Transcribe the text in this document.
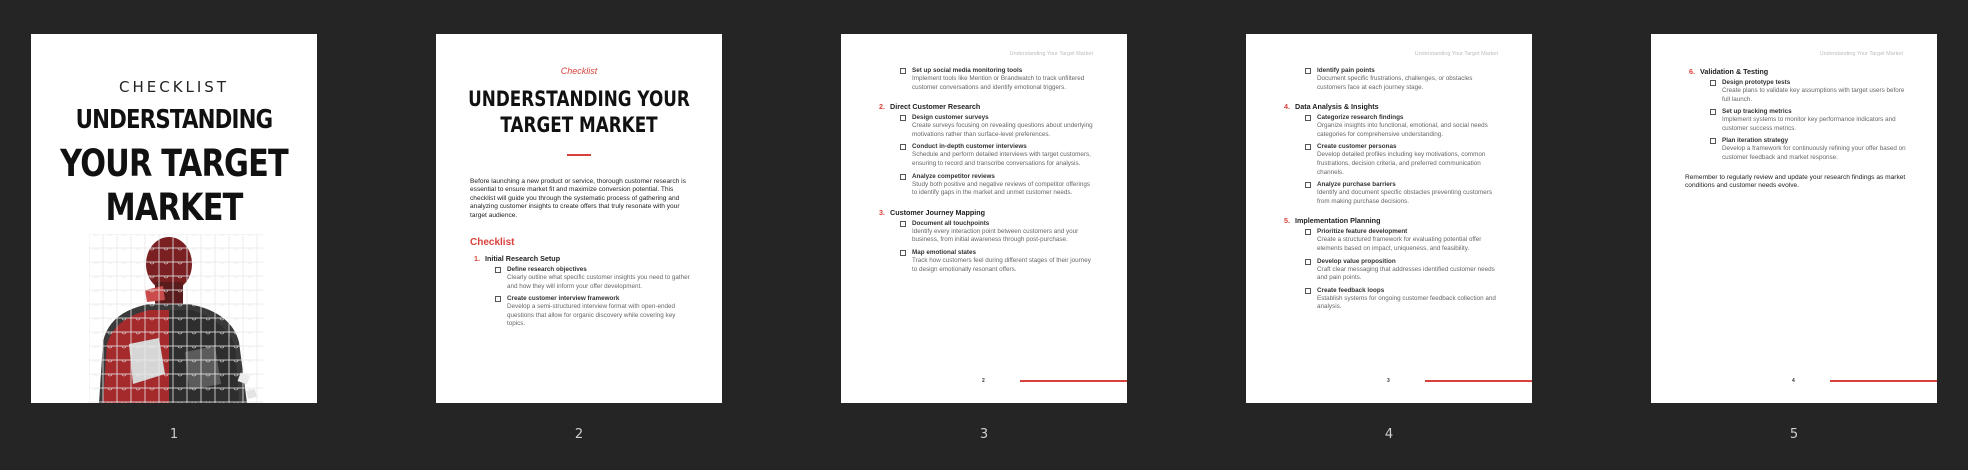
CHECKLIST
UNDERSTANDING
YOUR TARGET
MARKET
1
Checklist
UNDERSTANDING YOUR TARGET MARKET
Before launching a new product or service, thorough customer research is essential to ensure market fit and maximize conversion potential. This checklist will guide you through the systematic process of gathering and analyzing customer insights to create offers that truly resonate with your target audience.
Checklist
1. Initial Research Setup
Define research objectives
Clearly outline what specific customer insights you need to gather and how they will inform your offer development.
Create customer interview framework
Develop a semi-structured interview format with open-ended questions that allow for organic discovery while covering key topics.
2
Understanding Your Target Market
Set up social media monitoring tools
Implement tools like Mention or Brandwatch to track unfiltered customer conversations and identify emotional triggers.
2. Direct Customer Research
Design customer surveys
Create surveys focusing on revealing questions about underlying motivations rather than surface-level preferences.
Conduct in-depth customer interviews
Schedule and perform detailed interviews with target customers, ensuring to record and transcribe conversations for analysis.
Analyze competitor reviews
Study both positive and negative reviews of competitor offerings to identify gaps in the market and unmet customer needs.
3. Customer Journey Mapping
Document all touchpoints
Identify every interaction point between customers and your business, from initial awareness through post-purchase.
Map emotional states
Track how customers feel during different stages of their journey to design emotionally resonant offers.
2
3
Understanding Your Target Market
Identify pain points
Document specific frustrations, challenges, or obstacles customers face at each journey stage.
4. Data Analysis & Insights
Categorize research findings
Organize insights into functional, emotional, and social needs categories for comprehensive understanding.
Create customer personas
Develop detailed profiles including key motivations, common frustrations, decision criteria, and preferred communication channels.
Analyze purchase barriers
Identify and document specific obstacles preventing customers from making purchase decisions.
5. Implementation Planning
Prioritize feature development
Create a structured framework for evaluating potential offer elements based on impact, uniqueness, and feasibility.
Develop value proposition
Craft clear messaging that addresses identified customer needs and pain points.
Create feedback loops
Establish systems for ongoing customer feedback collection and analysis.
3
4
Understanding Your Target Market
6. Validation & Testing
Design prototype tests
Create plans to validate key assumptions with target users before full launch.
Set up tracking metrics
Implement systems to monitor key performance indicators and customer success metrics.
Plan iteration strategy
Develop a framework for continuously refining your offer based on customer feedback and market response.
Remember to regularly review and update your research findings as market conditions and customer needs evolve.
4
5
